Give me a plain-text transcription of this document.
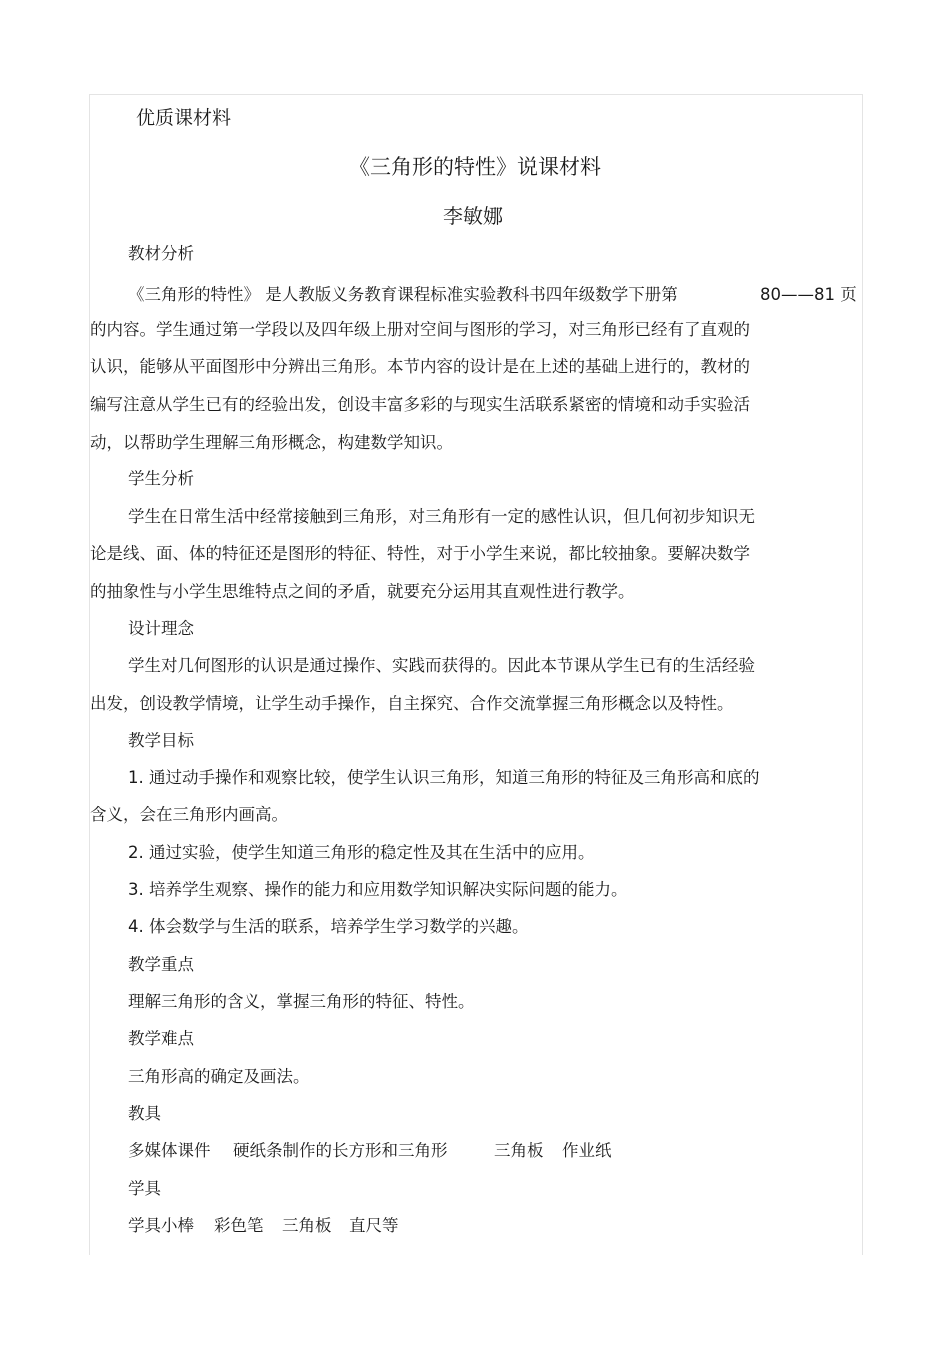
优质课材料
《三角形的特性》说课材料
李敏娜
教材分析
《三角形的特性》 是人教版义务教育课程标准实验教科书四年级数学下册第	80——81 页
的内容。学生通过第一学段以及四年级上册对空间与图形的学习，对三角形已经有了直观的
认识，能够从平面图形中分辨出三角形。本节内容的设计是在上述的基础上进行的，教材的
编写注意从学生已有的经验出发，创设丰富多彩的与现实生活联系紧密的情境和动手实验活
动，以帮助学生理解三角形概念，构建数学知识。
学生分析
学生在日常生活中经常接触到三角形，对三角形有一定的感性认识，但几何初步知识无
论是线、面、体的特征还是图形的特征、特性，对于小学生来说，都比较抽象。要解决数学
的抽象性与小学生思维特点之间的矛盾，就要充分运用其直观性进行教学。
设计理念
学生对几何图形的认识是通过操作、实践而获得的。因此本节课从学生已有的生活经验
出发，创设教学情境，让学生动手操作，自主探究、合作交流掌握三角形概念以及特性。
教学目标
1. 通过动手操作和观察比较，使学生认识三角形，知道三角形的特征及三角形高和底的
含义，会在三角形内画高。
2. 通过实验，使学生知道三角形的稳定性及其在生活中的应用。
3. 培养学生观察、操作的能力和应用数学知识解决实际问题的能力。
4. 体会数学与生活的联系，培养学生学习数学的兴趣。
教学重点
理解三角形的含义，掌握三角形的特征、特性。
教学难点
三角形高的确定及画法。
教具
多媒体课件 硬纸条制作的长方形和三角形	三角板 作业纸
学具
学具小棒 彩色笔 三角板 直尺等
